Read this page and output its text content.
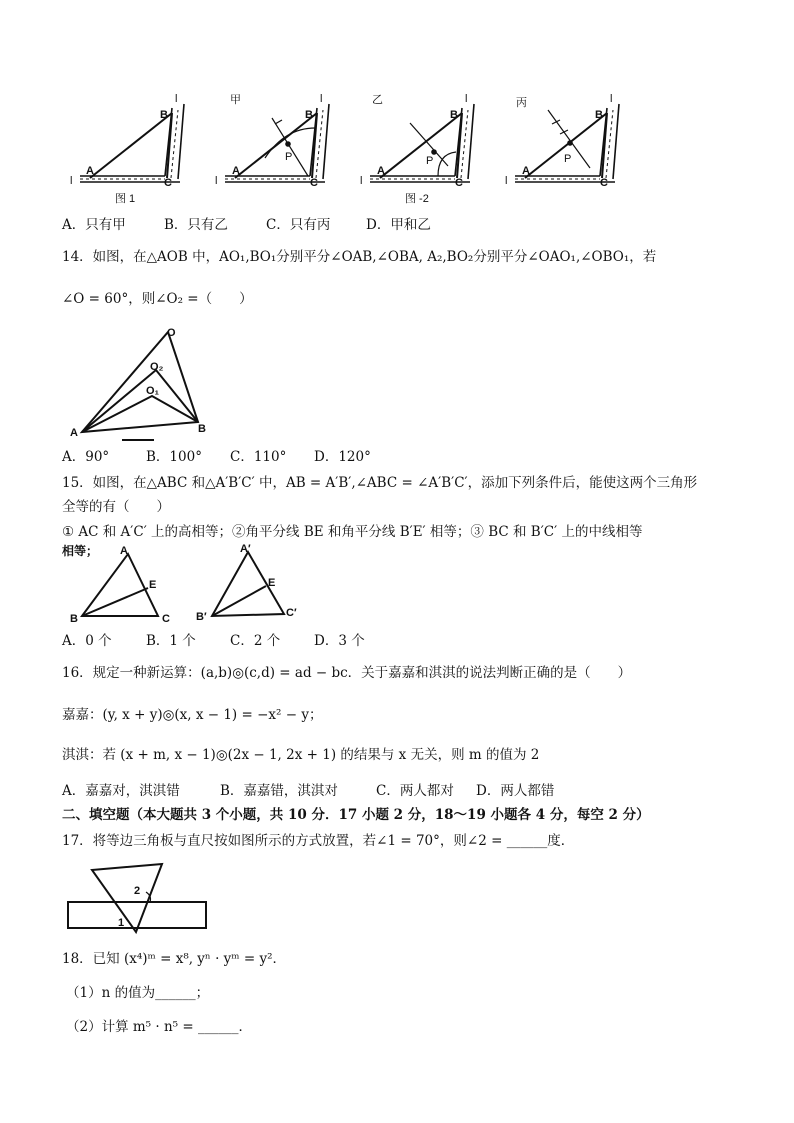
甲	乙	丙
A
B
C
l
l
图 1
A
B
C
P
l
l
A
B
C
P
l
l
图 -2
A
B
C
P
l
l
A．只有甲	B．只有乙	C．只有丙	D．甲和乙
14．如图，在△AOB 中，AO₁,BO₁分别平分∠OAB,∠OBA, A₂,BO₂分别平分∠OAO₁,∠OBO₁，若
∠O = 60°，则∠O₂ =（　　）
O
O₂
O₁
A	B
A．90°	B．100° C．110° D．120°
15．如图，在△ABC 和△A′B′C′ 中，AB = A′B′,∠ABC = ∠A′B′C′，添加下列条件后，能使这两个三角形
全等的有（　　）
① AC 和 A′C′ 上的高相等；②角平分线 BE 和角平分线 B′E′ 相等；③ BC 和 B′C′ 上的中线相等
相等； A
B	C
E
A′
B′	C′
E
A．0 个	B．1 个	C．2 个	D．3 个
16．规定一种新运算：(a,b)◎(c,d) = ad − bc．关于嘉嘉和淇淇的说法判断正确的是（　　）
嘉嘉：(y, x + y)◎(x, x − 1) = −x² − y；
淇淇：若 (x + m, x − 1)◎(2x − 1, 2x + 1) 的结果与 x 无关，则 m 的值为 2
A．嘉嘉对，淇淇错	B．嘉嘉错，淇淇对	C．两人都对 D．两人都错
二、填空题（本大题共 3 个小题，共 10 分．17 小题 2 分，18～19 小题各 4 分，每空 2 分）
17．将等边三角板与直尺按如图所示的方式放置，若∠1 = 70°，则∠2 = ______度．
2
1
18．已知 (x⁴)ᵐ = x⁸, yⁿ · yᵐ = y²．
（1）n 的值为______；
（2）计算 m⁵ · n⁵ = ______．
